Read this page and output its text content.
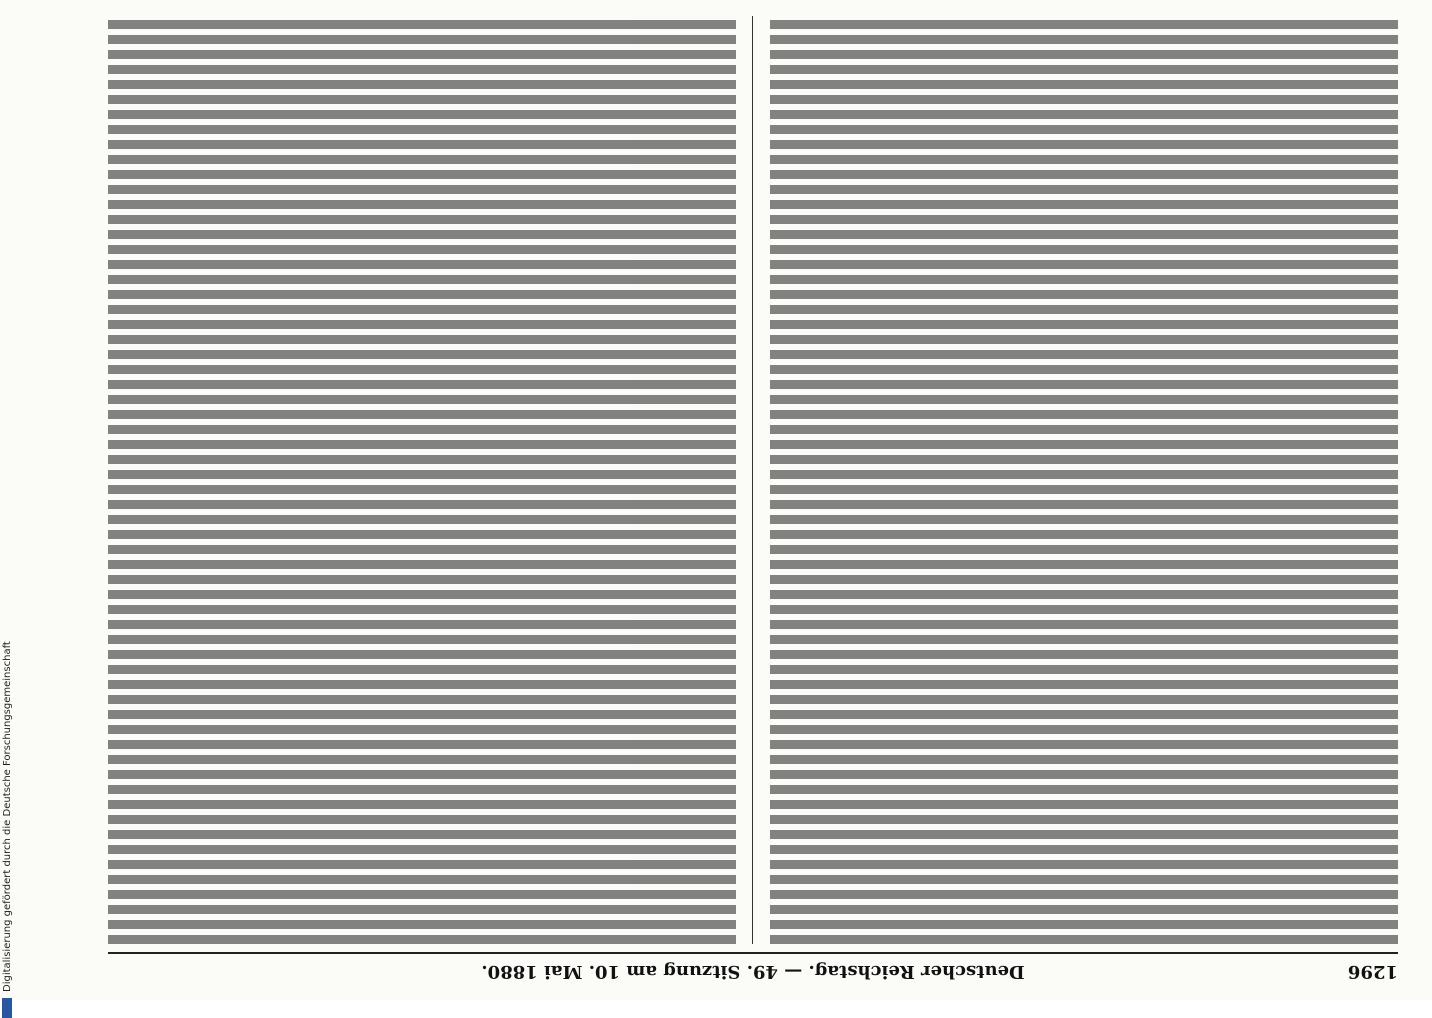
1296
Deutscher Reichstag. — 49. Sitzung am 10. Mai 1880.
Digitalisierung gefördert durch die Deutsche Forschungsgemeinschaft
